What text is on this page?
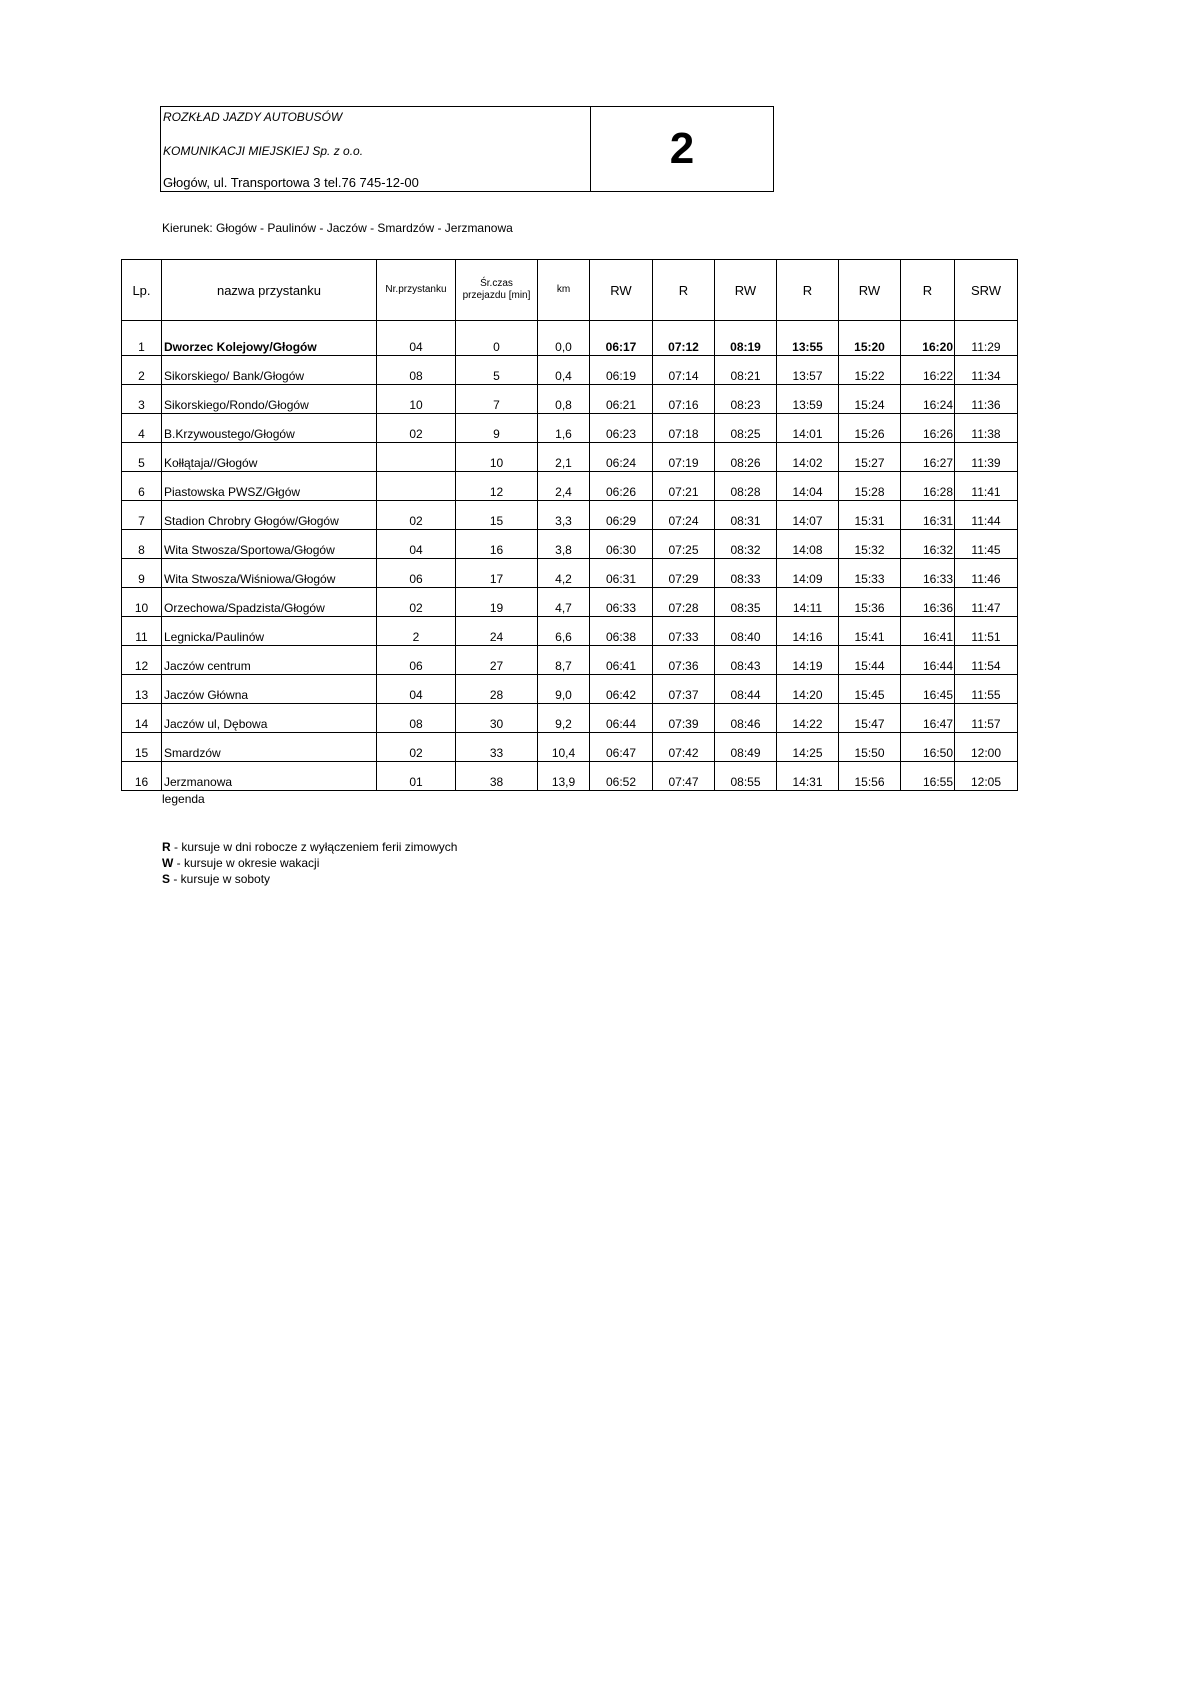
ROZKŁAD JAZDY AUTOBUSÓW
KOMUNIKACJI MIEJSKIEJ Sp. z o.o.
Głogów, ul. Transportowa 3 tel.76 745-12-00
2
Kierunek: Głogów - Paulinów - Jaczów - Smardzów - Jerzmanowa
Lp.	nazwa przystanku	Nr.przystanku	Śr.czas przejazdu [min]	km	RW	R	RW	R	RW	R	SRW
1	Dworzec Kolejowy/Głogów	04	0	0,0	06:17	07:12	08:19	13:55	15:20	16:20	11:29
2	Sikorskiego/ Bank/Głogów	08	5	0,4	06:19	07:14	08:21	13:57	15:22	16:22	11:34
3	Sikorskiego/Rondo/Głogów	10	7	0,8	06:21	07:16	08:23	13:59	15:24	16:24	11:36
4	B.Krzywoustego/Głogów	02	9	1,6	06:23	07:18	08:25	14:01	15:26	16:26	11:38
5	Kołłątaja//Głogów		10	2,1	06:24	07:19	08:26	14:02	15:27	16:27	11:39
6	Piastowska PWSZ/Głgów		12	2,4	06:26	07:21	08:28	14:04	15:28	16:28	11:41
7	Stadion Chrobry Głogów/Głogów	02	15	3,3	06:29	07:24	08:31	14:07	15:31	16:31	11:44
8	Wita Stwosza/Sportowa/Głogów	04	16	3,8	06:30	07:25	08:32	14:08	15:32	16:32	11:45
9	Wita Stwosza/Wiśniowa/Głogów	06	17	4,2	06:31	07:29	08:33	14:09	15:33	16:33	11:46
10	Orzechowa/Spadzista/Głogów	02	19	4,7	06:33	07:28	08:35	14:11	15:36	16:36	11:47
11	Legnicka/Paulinów	2	24	6,6	06:38	07:33	08:40	14:16	15:41	16:41	11:51
12	Jaczów centrum	06	27	8,7	06:41	07:36	08:43	14:19	15:44	16:44	11:54
13	Jaczów Główna	04	28	9,0	06:42	07:37	08:44	14:20	15:45	16:45	11:55
14	Jaczów ul, Dębowa	08	30	9,2	06:44	07:39	08:46	14:22	15:47	16:47	11:57
15	Smardzów	02	33	10,4	06:47	07:42	08:49	14:25	15:50	16:50	12:00
16	Jerzmanowa	01	38	13,9	06:52	07:47	08:55	14:31	15:56	16:55	12:05
legenda
R - kursuje w dni robocze z wyłączeniem ferii zimowych
W - kursuje w okresie wakacji
S - kursuje w soboty
